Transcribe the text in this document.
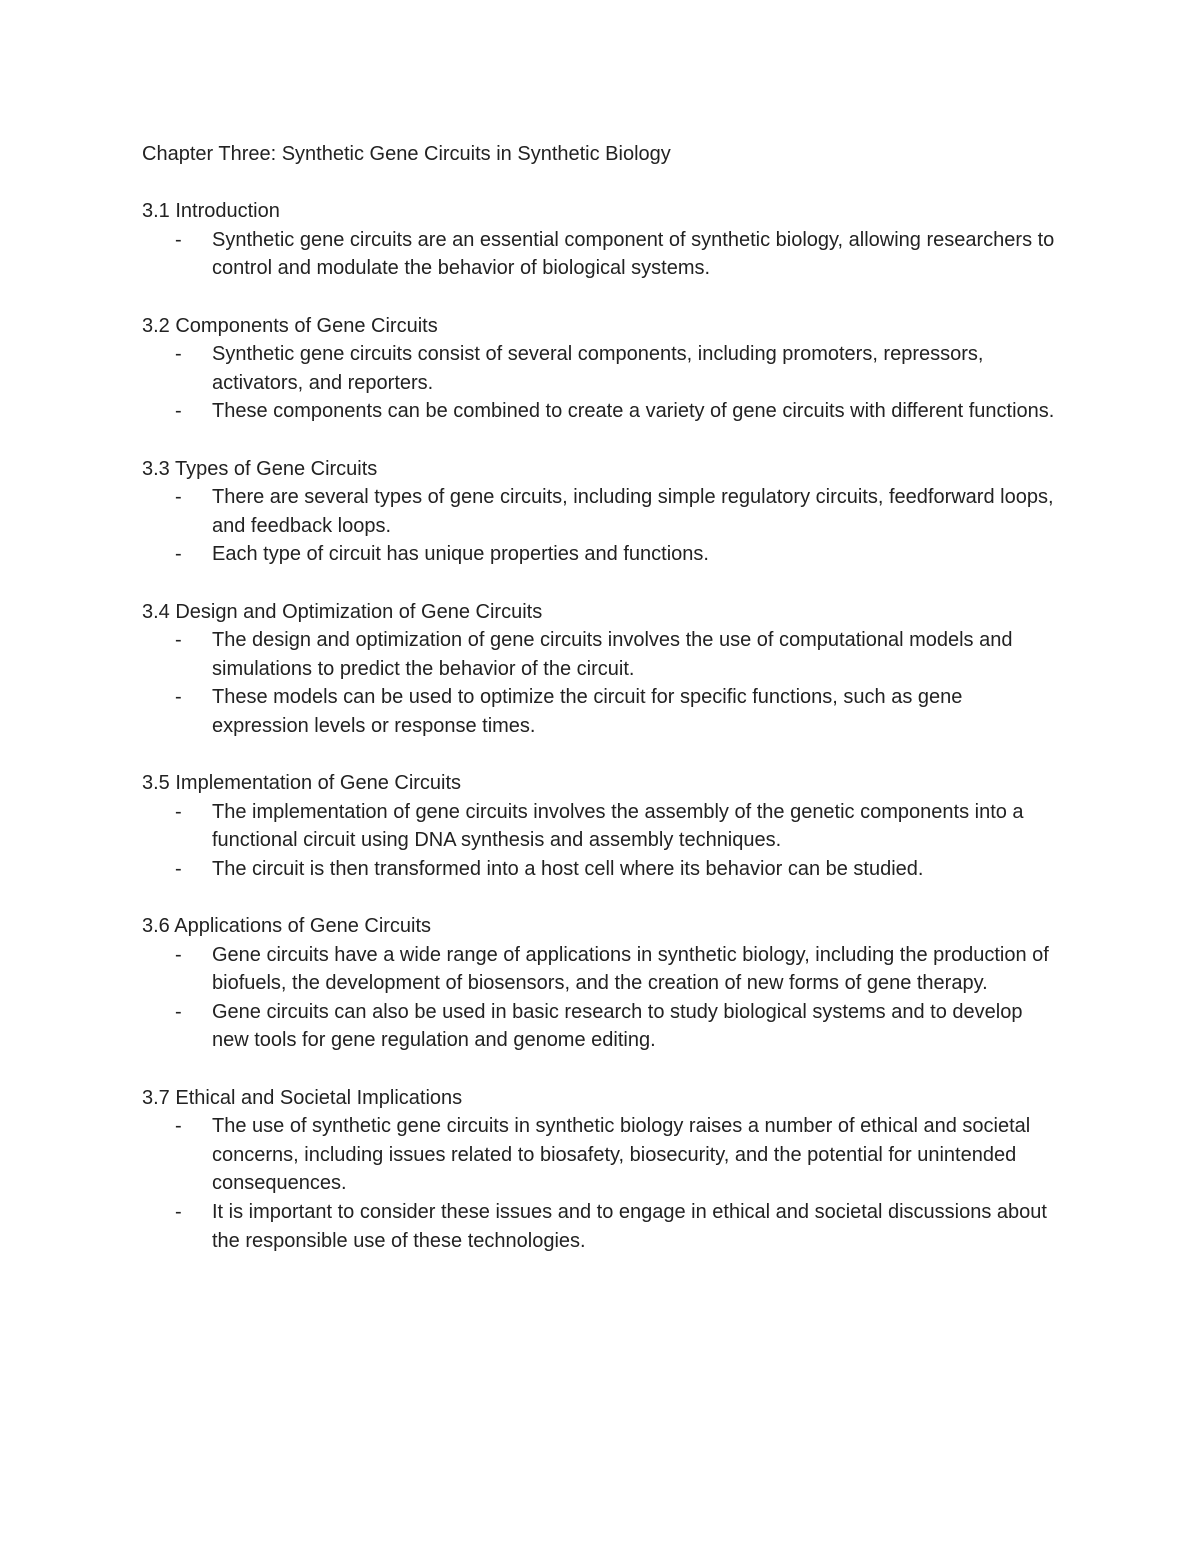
Chapter Three: Synthetic Gene Circuits in Synthetic Biology
3.1 Introduction
- Synthetic gene circuits are an essential component of synthetic biology, allowing researchers to control and modulate the behavior of biological systems.
3.2 Components of Gene Circuits
- Synthetic gene circuits consist of several components, including promoters, repressors, activators, and reporters.
- These components can be combined to create a variety of gene circuits with different functions.
3.3 Types of Gene Circuits
- There are several types of gene circuits, including simple regulatory circuits, feedforward loops, and feedback loops.
- Each type of circuit has unique properties and functions.
3.4 Design and Optimization of Gene Circuits
- The design and optimization of gene circuits involves the use of computational models and simulations to predict the behavior of the circuit.
- These models can be used to optimize the circuit for specific functions, such as gene expression levels or response times.
3.5 Implementation of Gene Circuits
- The implementation of gene circuits involves the assembly of the genetic components into a functional circuit using DNA synthesis and assembly techniques.
- The circuit is then transformed into a host cell where its behavior can be studied.
3.6 Applications of Gene Circuits
- Gene circuits have a wide range of applications in synthetic biology, including the production of biofuels, the development of biosensors, and the creation of new forms of gene therapy.
- Gene circuits can also be used in basic research to study biological systems and to develop new tools for gene regulation and genome editing.
3.7 Ethical and Societal Implications
- The use of synthetic gene circuits in synthetic biology raises a number of ethical and societal concerns, including issues related to biosafety, biosecurity, and the potential for unintended consequences.
- It is important to consider these issues and to engage in ethical and societal discussions about the responsible use of these technologies.
